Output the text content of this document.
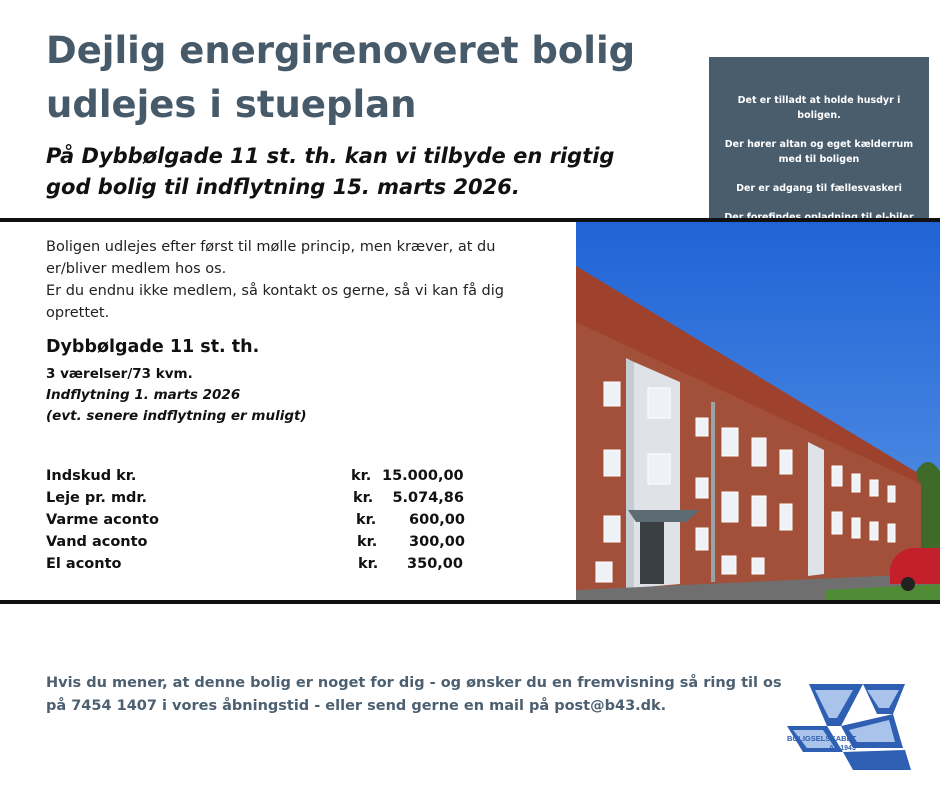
Dejlig energirenoveret bolig udlejes i stueplan
På Dybbølgade 11 st. th. kan vi tilbyde en rigtig god bolig til indflytning 15. marts 2026.

Det er tilladt at holde husdyr i boligen.

Der hører altan og eget kælderrum med til boligen

Der er adgang til fællesvaskeri

Boligen udlejes efter først til mølle princip, men kræver, at du er/bliver medlem hos os.

Er du endnu ikke medlem, så kontakt os gerne, så vi kan få dig oprettet.

Dybbølgade 11 st. th.
3 værelser/73 kvm.
Indflytning 1. marts 2026
(evt. senere indflytning er muligt)
Indskud kr.	kr. 15.000,00
Leje pr. mdr.	kr.	5.074,86
Varme aconto	kr.	600,00
Vand aconto	kr.	300,00
El aconto	kr.	350,00

Hvis du mener, at denne bolig er noget for dig - og ønsker du en fremvisning så ring til os på 7454 1407 i vores åbningstid - eller send gerne en mail på post@b43.dk.

BOLIGSELSKABET
AF 1943
